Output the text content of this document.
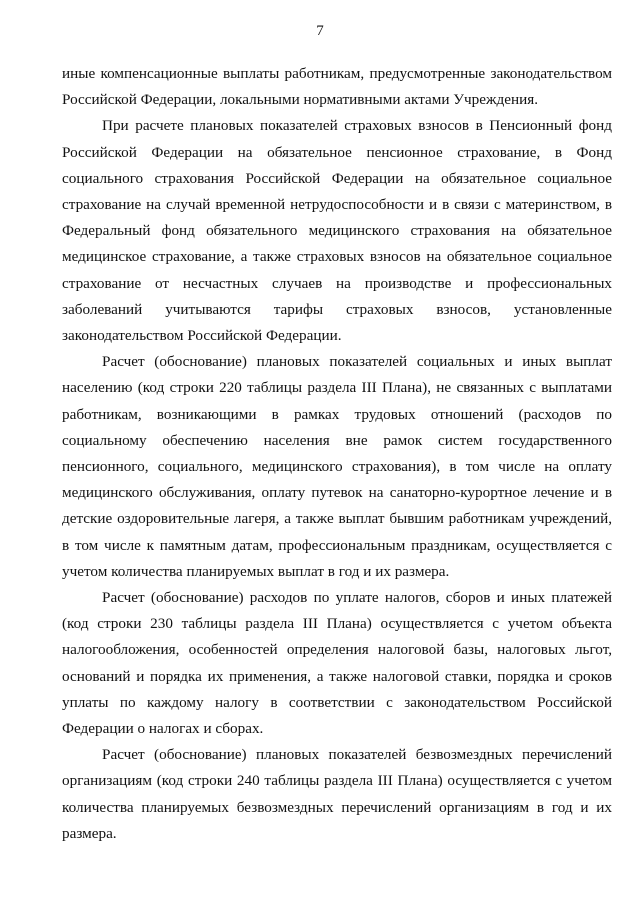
7

иные компенсационные выплаты работникам, предусмотренные законодательством Российской Федерации, локальными нормативными актами Учреждения.

При расчете плановых показателей страховых взносов в Пенсионный фонд Российской Федерации на обязательное пенсионное страхование, в Фонд социального страхования Российской Федерации на обязательное социальное страхование на случай временной нетрудоспособности и в связи с материнством, в Федеральный фонд обязательного медицинского страхования на обязательное медицинское страхование, а также страховых взносов на обязательное социальное страхование от несчастных случаев на производстве и профессиональных заболеваний учитываются тарифы страховых взносов, установленные законодательством Российской Федерации.

Расчет (обоснование) плановых показателей социальных и иных выплат населению (код строки 220 таблицы раздела III Плана), не связанных с выплатами работникам, возникающими в рамках трудовых отношений (расходов по социальному обеспечению населения вне рамок систем государственного пенсионного, социального, медицинского страхования), в том числе на оплату медицинского обслуживания, оплату путевок на санаторно-курортное лечение и в детские оздоровительные лагеря, а также выплат бывшим работникам учреждений, в том числе к памятным датам, профессиональным праздникам, осуществляется с учетом количества планируемых выплат в год и их размера.

Расчет (обоснование) расходов по уплате налогов, сборов и иных платежей (код строки 230 таблицы раздела III Плана) осуществляется с учетом объекта налогообложения, особенностей определения налоговой базы, налоговых льгот, оснований и порядка их применения, а также налоговой ставки, порядка и сроков уплаты по каждому налогу в соответствии с законодательством Российской Федерации о налогах и сборах.

Расчет (обоснование) плановых показателей безвозмездных перечислений организациям (код строки 240 таблицы раздела III Плана) осуществляется с учетом количества планируемых безвозмездных перечислений организациям в год и их размера.
